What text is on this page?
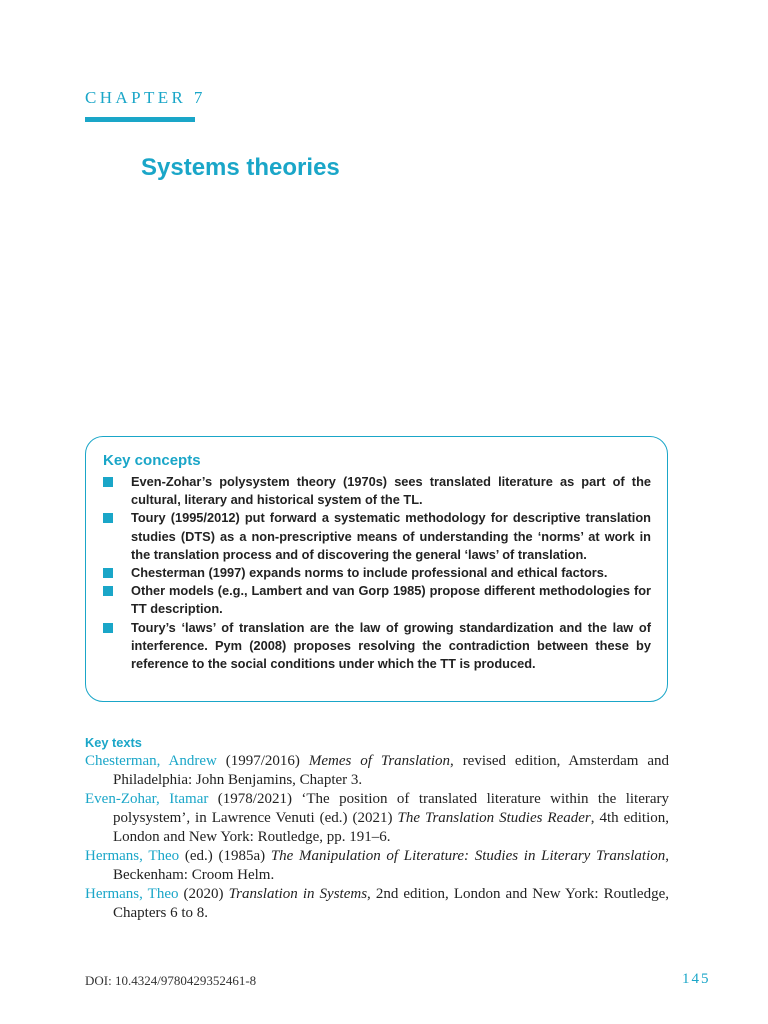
CHAPTER 7
Systems theories
Key concepts
Even-Zohar’s polysystem theory (1970s) sees translated literature as part of the cultural, literary and historical system of the TL.
Toury (1995/2012) put forward a systematic methodology for descriptive translation studies (DTS) as a non-prescriptive means of understanding the ‘norms’ at work in the translation process and of discovering the general ‘laws’ of translation.
Chesterman (1997) expands norms to include professional and ethical factors.
Other models (e.g., Lambert and van Gorp 1985) propose different methodologies for TT description.
Toury’s ‘laws’ of translation are the law of growing standardization and the law of interference. Pym (2008) proposes resolving the contradiction between these by reference to the social conditions under which the TT is produced.
Key texts
Chesterman, Andrew (1997/2016) Memes of Translation, revised edition, Amsterdam and Philadelphia: John Benjamins, Chapter 3.
Even-Zohar, Itamar (1978/2021) ‘The position of translated literature within the literary polysystem’, in Lawrence Venuti (ed.) (2021) The Translation Studies Reader, 4th edition, London and New York: Routledge, pp. 191–6.
Hermans, Theo (ed.) (1985a) The Manipulation of Literature: Studies in Literary Translation, Beckenham: Croom Helm.
Hermans, Theo (2020) Translation in Systems, 2nd edition, London and New York: Routledge, Chapters 6 to 8.
DOI: 10.4324/9780429352461-8	145
